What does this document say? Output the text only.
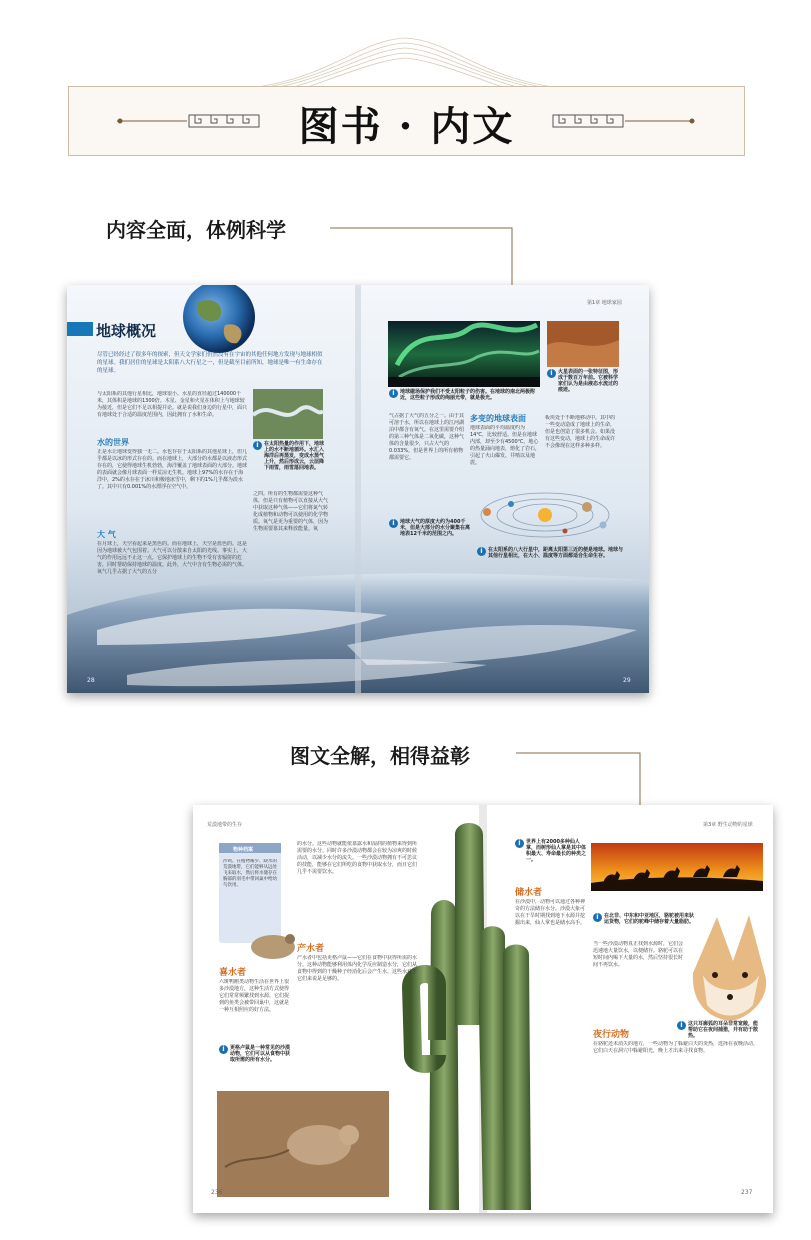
图书 · 内文
内容全面，体例科学
地球概况
尽管已经经过了很多年的探索，但天文学家们仍然没有在宇宙的其他任何地方发现与地球相似的星球。我们居住的星球是太阳系八大行星之一，但是截至目前所知，地球是唯一有生命存在的星球。
与太阳系的其他行星相比，地球很小。水星的直径超过140000千米，其体积是地球的1300倍。木星、金星和火星在体积上与地球较为接近，但是它们不足以相提并论。就是说我们身边的行星中，面只有地球处于合适的温度范围内，因此拥有了水和生命。
水的世界
正是水让地球变得独一无二。水也存在于太阳系的其他星球上，但几乎都是以冰的形式存在的。而在地球上，大部分的水都是以液态形式存在的，它使得地球生机勃勃，海洋覆盖了地球表面的大部分。地球的表面就会像月球表面一样荒凉无生机。地球上97%的水存在于海洋中，2%的水存在于冰川和极地冰雪中，剩下的1%几乎都为淡水了。其中只有0.001%的水漂浮在空气中。
大 气
在月球上，天空看起来是黑色的。而在地球上，天空是蓝色的。这是因为地球被大气包围着。大气可以分散来自太阳的光线。事实上，大气的作用远远不止这一点，它保护地球上的生物不受有害辐射的危害，同时帮助保持地球的温度。此外，大气中含有生物必需的气体。氧气几乎占据了大气的五分
i	在太阳热量的作用下，地球上的水不断地循环。水汇入海洋后再蒸发，变成水蒸气上升，然后形成云，云层降下雨雪，雨雪落回地表。
之四。所有的生物都需要这种气体，但是只有植物可以直接从大气中获取这种气体——它们将氮气转化成植物和动物可以使用的化学物质。氧气是更为重要的气体，因为生物需要靠其来释放能量。氧
28
第1章 地球家园
i	地球磁场保护我们不受太阳粒子的伤害。在地球的南北两极附近，这些粒子形成的绚丽光带，就是极光。
i	火星表面的一张特征图，形成于数百万年前。它被科学家们认为是由液态水流过的痕迹。
气占据了大气的五分之一。由于其可溶于水，所以在地球上的江河湖泊中都含有氧气。在这里需要介绍的第三种气体是二氧化碳，这种气体的含量很少，只占大气的0.033%，但是世界上的所有植物都需要它。
多变的地球表面
地球表面的平均温度约为14℃，比较舒适。但是在地球内部，却至少有4500℃。地心的热量涌向地表，熔化了岩石，引起了火山爆发、井喷以及地震。
板块处于不断地移动中。其中的一些变动造成了地球上的生命，但是也创造了很多机会。如果没有这些变动，地球上的生命或许不会像现在这样多种多样。
i	地球大气的厚度大约为400千米，但是大部分的水分聚集在离地表12千米的范围之内。
i	在太阳系的八大行星中，距离太阳第三近的便是地球。地球与其他行星相比，在大小、温度等方面都适合生命生存。
29
图文全解，相得益彰
荒漠地带的生存
物种档案
沙鸡。在植物稀少、缺水的荒漠地带，它们能够从远处飞来取水，然后将水储存在胸部的羽毛中带回巢中给幼鸟饮用。
喜水者
六斑鸭鹅类动物生活在世界上很多沙漠地方，这种生活方式使得它们常常频繁找到水源。它们捉到的鱼类会被带回巢中，这就是一种互相照应的好方法。
i	更格卢鼠是一种常见的沙漠动物，它们可以从食物中获取所需的所有水分。
的水分。这些动物就能依靠露水和湿润的植物来得到所需要的水分。同时许多沙漠动物都会在较为凉爽的时候活动，以减少水分的流失。一些沙漠动物拥有不可思议的技能，能够在它们所吃的食物中获取水分，而且它们几乎不需要饮水。
产水者
产水者中包括更格卢鼠——它们在食物中获得所需的水分。这种动物能够利用体内化学反应制造水分，它们从食物中得到的干燥种子经消化后会产生水。这些水对于它们来说是足够的。
236
第3章 野生动物的星球
i	世界上有2000多种仙人掌，而树形仙人掌是其中体积最大、寿命最长的种类之一。
储水者
在沙漠中，动物可以通过各种神奇的方法储存水分。沙漠大象可以在干旱时期找到地下水源并挖掘出来，仙人掌也是储水高手。
i	在北非、中东和中亚地区，骆驼被用来驮运货物，它们的驼峰中储存着大量脂肪。
当一些沙漠动物真正找到水源时，它们会迅速地大量饮水，以便储存。骆驼可以在短时间内喝下大量的水，然后坚持很长时间不再饮水。
夜行动物
在骆驼还未消失的地方，一些动物为了躲避白天的炎热，选择在夜晚活动。它们白天在洞穴中躲避阳光，晚上才出来寻找食物。
i	这只耳廓狐的耳朵非常宽敞，能帮助它在夜间捕猎，并有助于散热。
237
